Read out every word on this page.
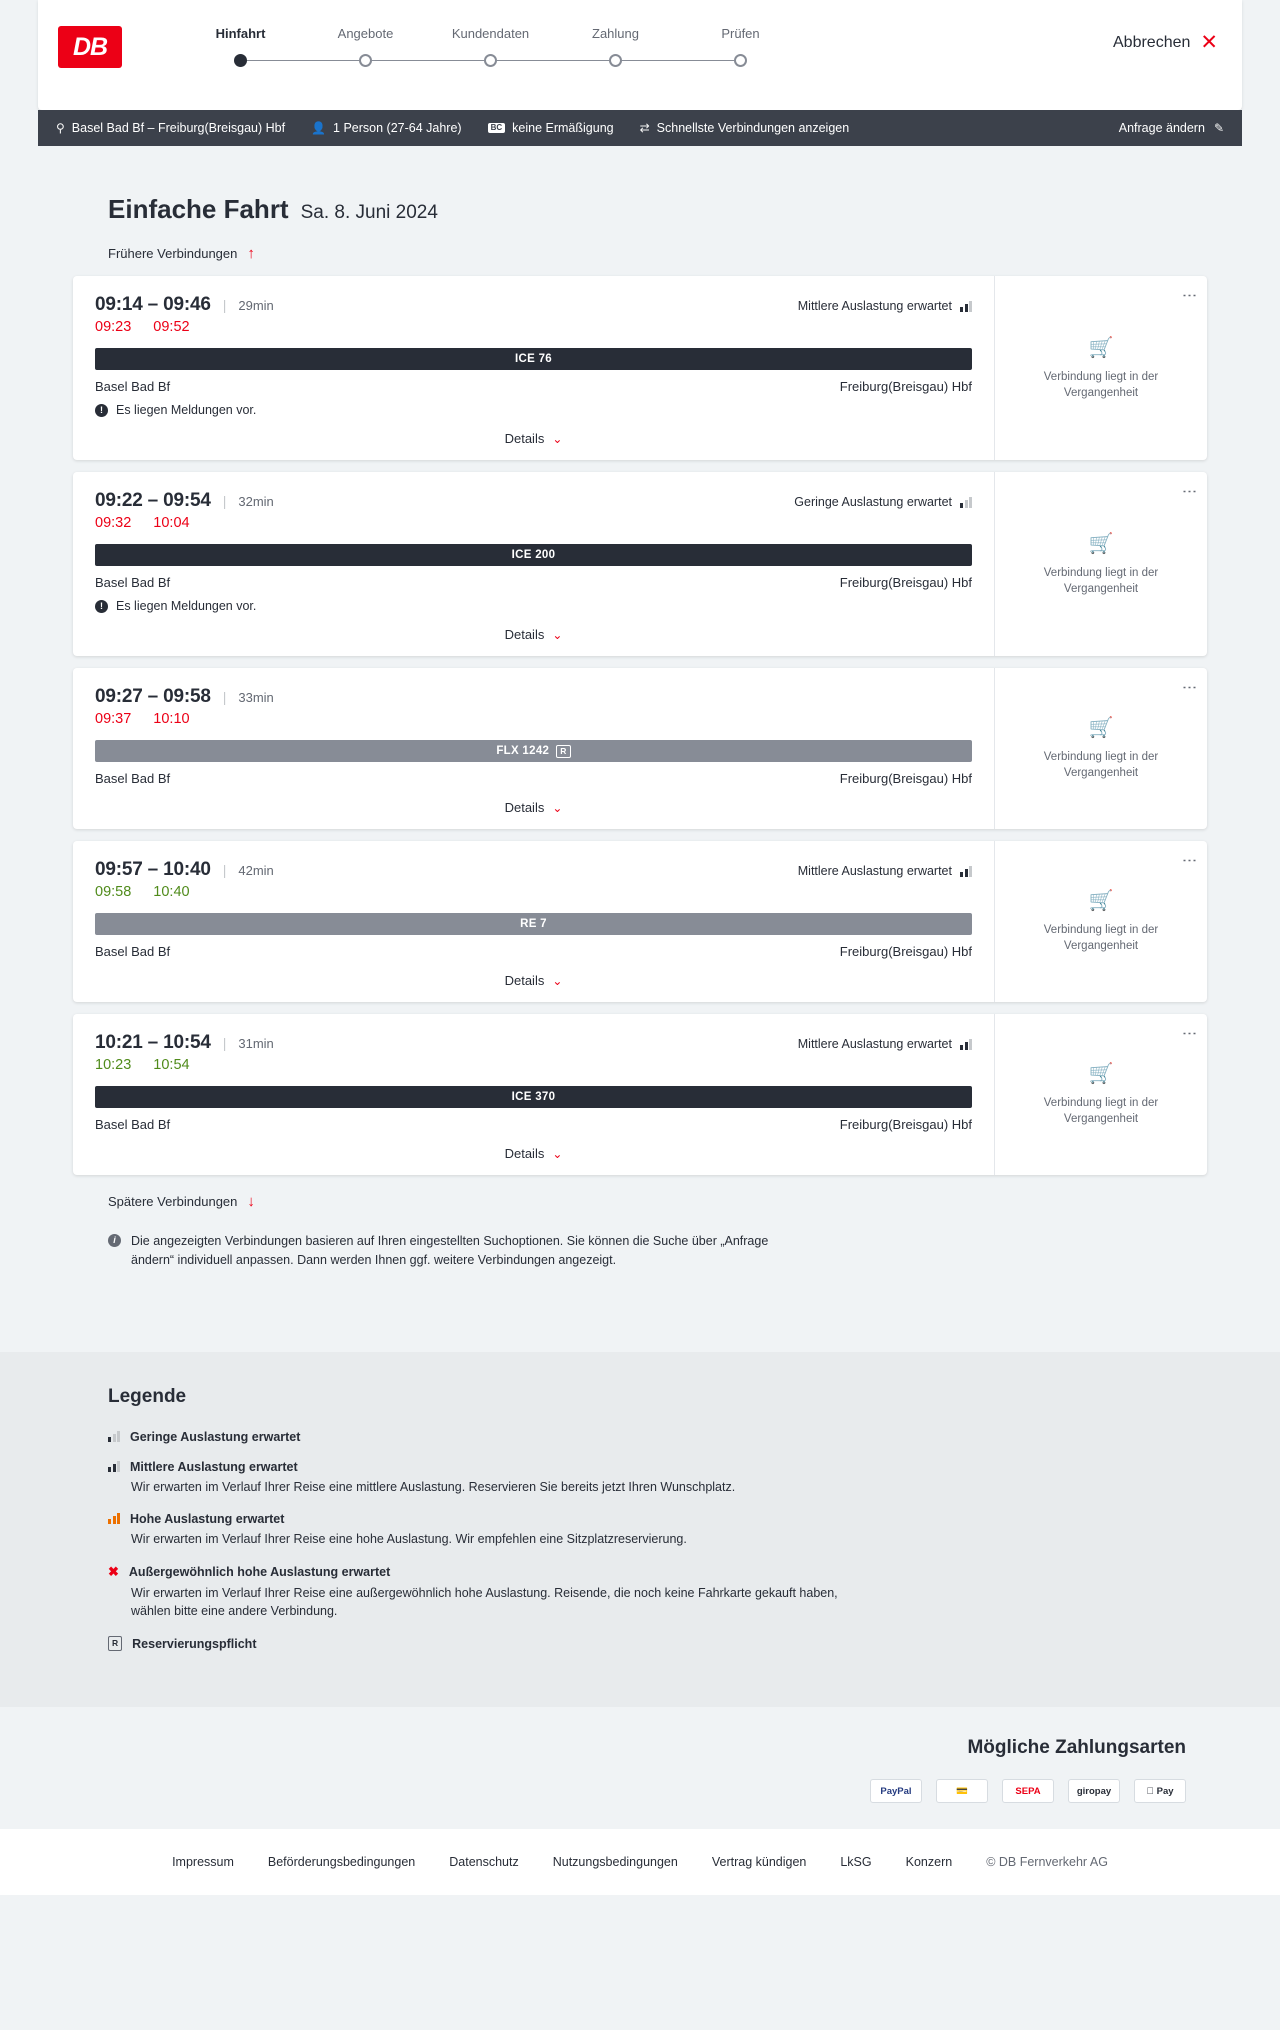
DB	Hinfahrt	Angebote	Kundendaten	Zahlung	Prüfen	Abbrechen ✕
⚲ Basel Bad Bf – Freiburg(Breisgau) Hbf 👤 1 Person (27-64 Jahre)	BC keine Ermäßigung ⇄ Schnellste Verbindungen anzeigen	Anfrage ändern ✎
Einfache Fahrt Sa. 8. Juni 2024
Frühere Verbindungen ↑
09:14 – 09:46 | 29min	Mittlere Auslastung erwartet
09:23 09:52
ICE 76
Basel Bad Bf	Freiburg(Breisgau) Hbf
!	Es liegen Meldungen vor.
Details ⌄
⋮
🛒
Verbindung liegt in der Vergangenheit
09:22 – 09:54 | 32min	Geringe Auslastung erwartet
09:32 10:04
ICE 200
Basel Bad Bf	Freiburg(Breisgau) Hbf
!	Es liegen Meldungen vor.
Details ⌄
⋮
🛒
Verbindung liegt in der Vergangenheit
09:27 – 09:58 | 33min
09:37 10:10
FLX 1242	R
Basel Bad Bf	Freiburg(Breisgau) Hbf
Details ⌄
⋮
🛒
Verbindung liegt in der Vergangenheit
09:57 – 10:40 | 42min	Mittlere Auslastung erwartet
09:58 10:40
RE 7
Basel Bad Bf	Freiburg(Breisgau) Hbf
Details ⌄
⋮
🛒
Verbindung liegt in der Vergangenheit
10:21 – 10:54 | 31min	Mittlere Auslastung erwartet
10:23 10:54
ICE 370
Basel Bad Bf	Freiburg(Breisgau) Hbf
Details ⌄
⋮
🛒
Verbindung liegt in der Vergangenheit
Spätere Verbindungen ↓
i	Die angezeigten Verbindungen basieren auf Ihren eingestellten Suchoptionen. Sie können die Suche über „Anfrage ändern“ individuell anpassen. Dann werden Ihnen ggf. weitere Verbindungen angezeigt.
Legende
Geringe Auslastung erwartet
Mittlere Auslastung erwartet
Wir erwarten im Verlauf Ihrer Reise eine mittlere Auslastung. Reservieren Sie bereits jetzt Ihren Wunschplatz.
Hohe Auslastung erwartet
Wir erwarten im Verlauf Ihrer Reise eine hohe Auslastung. Wir empfehlen eine Sitzplatzreservierung.
✖ Außergewöhnlich hohe Auslastung erwartet
Wir erwarten im Verlauf Ihrer Reise eine außergewöhnlich hohe Auslastung. Reisende, die noch keine Fahrkarte gekauft haben, wählen bitte eine andere Verbindung.
R	Reservierungspflicht
Mögliche Zahlungsarten
PayPal	💳	SEPA	giropay	Pay
Impressum	Beförderungsbedingungen	Datenschutz	Nutzungsbedingungen	Vertrag kündigen	LkSG	Konzern	© DB Fernverkehr AG
